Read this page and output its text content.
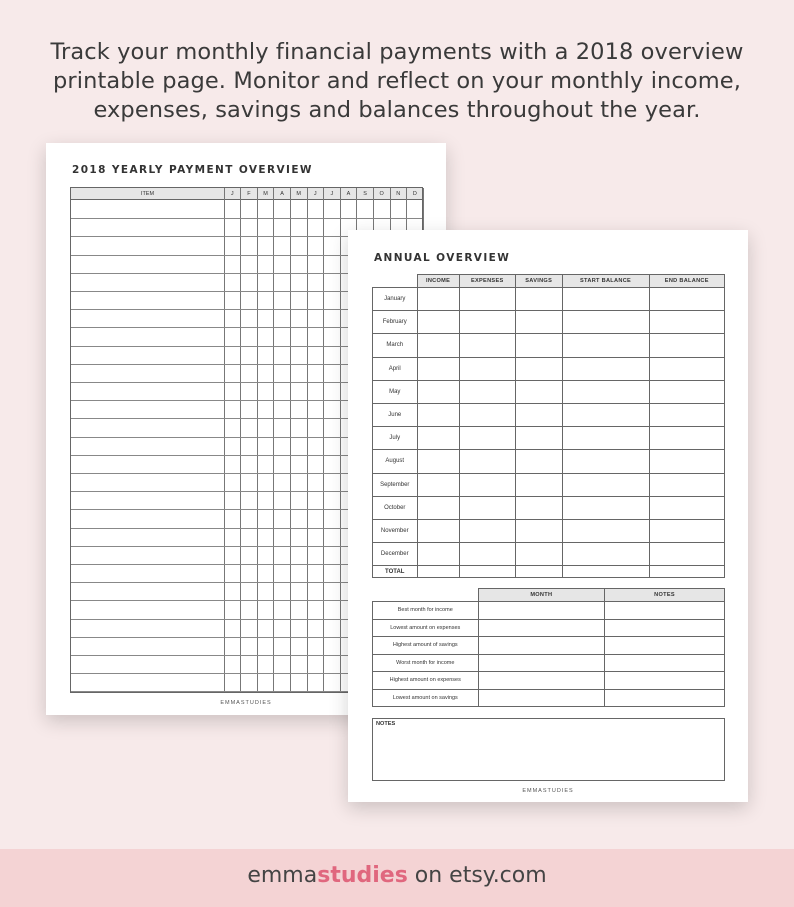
Track your monthly financial payments with a 2018 overview
printable page. Monitor and reflect on your monthly income,
expenses, savings and balances throughout the year.
2018 YEARLY PAYMENT OVERVIEW
ITEM	J	F	M	A	M	J	J	A	S	O	N	D
EMMASTUDIES
ANNUAL OVERVIEW
	INCOME	EXPENSES	SAVINGS	START BALANCE	END BALANCE
January					
February					
March					
April					
May					
June					
July					
August					
September					
October					
November					
December					
TOTAL					
	MONTH	NOTES
Best month for income		
Lowest amount on expenses		
Highest amount of savings		
Worst month for income		
Highest amount on expenses		
Lowest amount on savings		
NOTES
EMMASTUDIES
emmastudies on etsy.com
